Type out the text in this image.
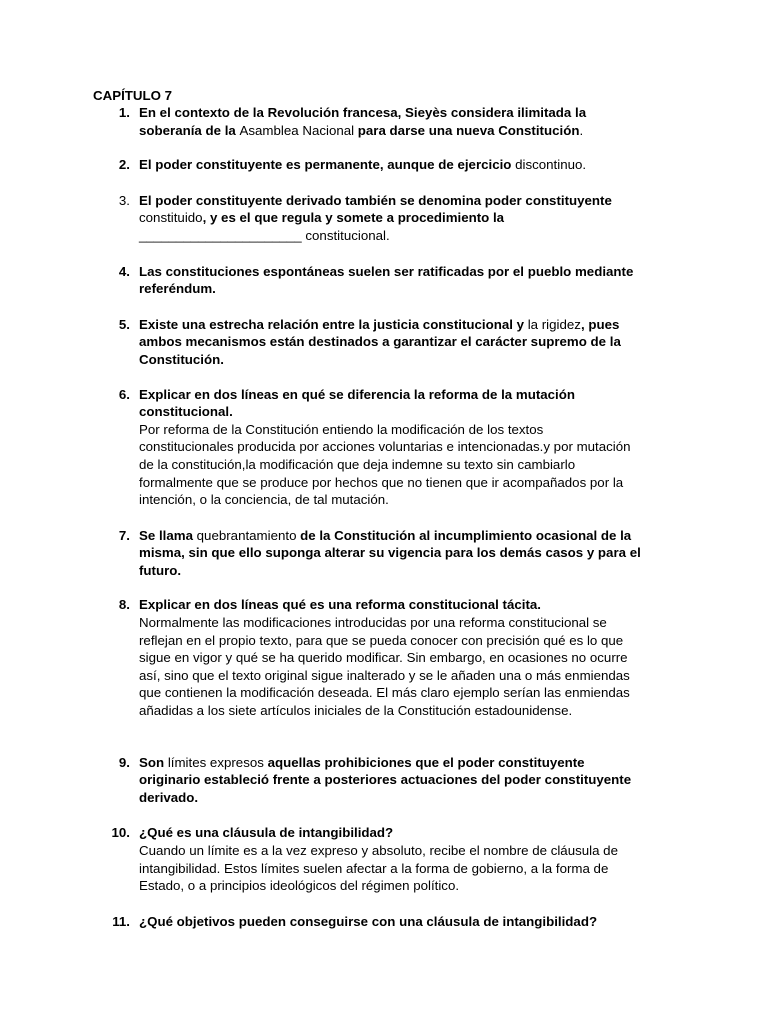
CAPÍTULO 7
1. En el contexto de la Revolución francesa, Sieyès considera ilimitada la
soberanía de la Asamblea Nacional para darse una nueva Constitución.
2. El poder constituyente es permanente, aunque de ejercicio discontinuo.
3. El poder constituyente derivado también se denomina poder constituyente
constituido, y es el que regula y somete a procedimiento la
______________________ constitucional.
4. Las constituciones espontáneas suelen ser ratificadas por el pueblo mediante
referéndum.
5. Existe una estrecha relación entre la justicia constitucional y la rigidez, pues
ambos mecanismos están destinados a garantizar el carácter supremo de la
Constitución.
6. Explicar en dos líneas en qué se diferencia la reforma de la mutación
constitucional.
Por reforma de la Constitución entiendo la modificación de los textos
constitucionales producida por acciones voluntarias e intencionadas.y por mutación
de la constitución,la modificación que deja indemne su texto sin cambiarlo
formalmente que se produce por hechos que no tienen que ir acompañados por la
intención, o la conciencia, de tal mutación.
7. Se llama quebrantamiento de la Constitución al incumplimiento ocasional de la
misma, sin que ello suponga alterar su vigencia para los demás casos y para el
futuro.
8. Explicar en dos líneas qué es una reforma constitucional tácita.
Normalmente las modificaciones introducidas por una reforma constitucional se
reflejan en el propio texto, para que se pueda conocer con precisión qué es lo que
sigue en vigor y qué se ha querido modificar. Sin embargo, en ocasiones no ocurre
así, sino que el texto original sigue inalterado y se le añaden una o más enmiendas
que contienen la modificación deseada. El más claro ejemplo serían las enmiendas
añadidas a los siete artículos iniciales de la Constitución estadounidense.
9. Son límites expresos aquellas prohibiciones que el poder constituyente
originario estableció frente a posteriores actuaciones del poder constituyente
derivado.
10. ¿Qué es una cláusula de intangibilidad?
Cuando un límite es a la vez expreso y absoluto, recibe el nombre de cláusula de
intangibilidad. Estos límites suelen afectar a la forma de gobierno, a la forma de
Estado, o a principios ideológicos del régimen político.
11. ¿Qué objetivos pueden conseguirse con una cláusula de intangibilidad?
